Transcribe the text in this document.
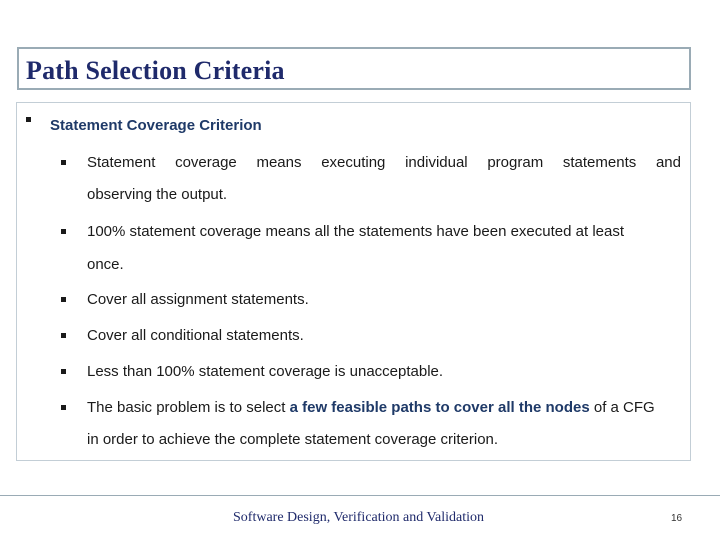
Path Selection Criteria
Statement Coverage Criterion
Statement coverage means executing individual program statements and
observing the output.
100% statement coverage means all the statements have been executed at least
once.
Cover all assignment statements.
Cover all conditional statements.
Less than 100% statement coverage is unacceptable.
The basic problem is to select a few feasible paths to cover all the nodes of a CFG
in order to achieve the complete statement coverage criterion.
Software Design, Verification and Validation	16
